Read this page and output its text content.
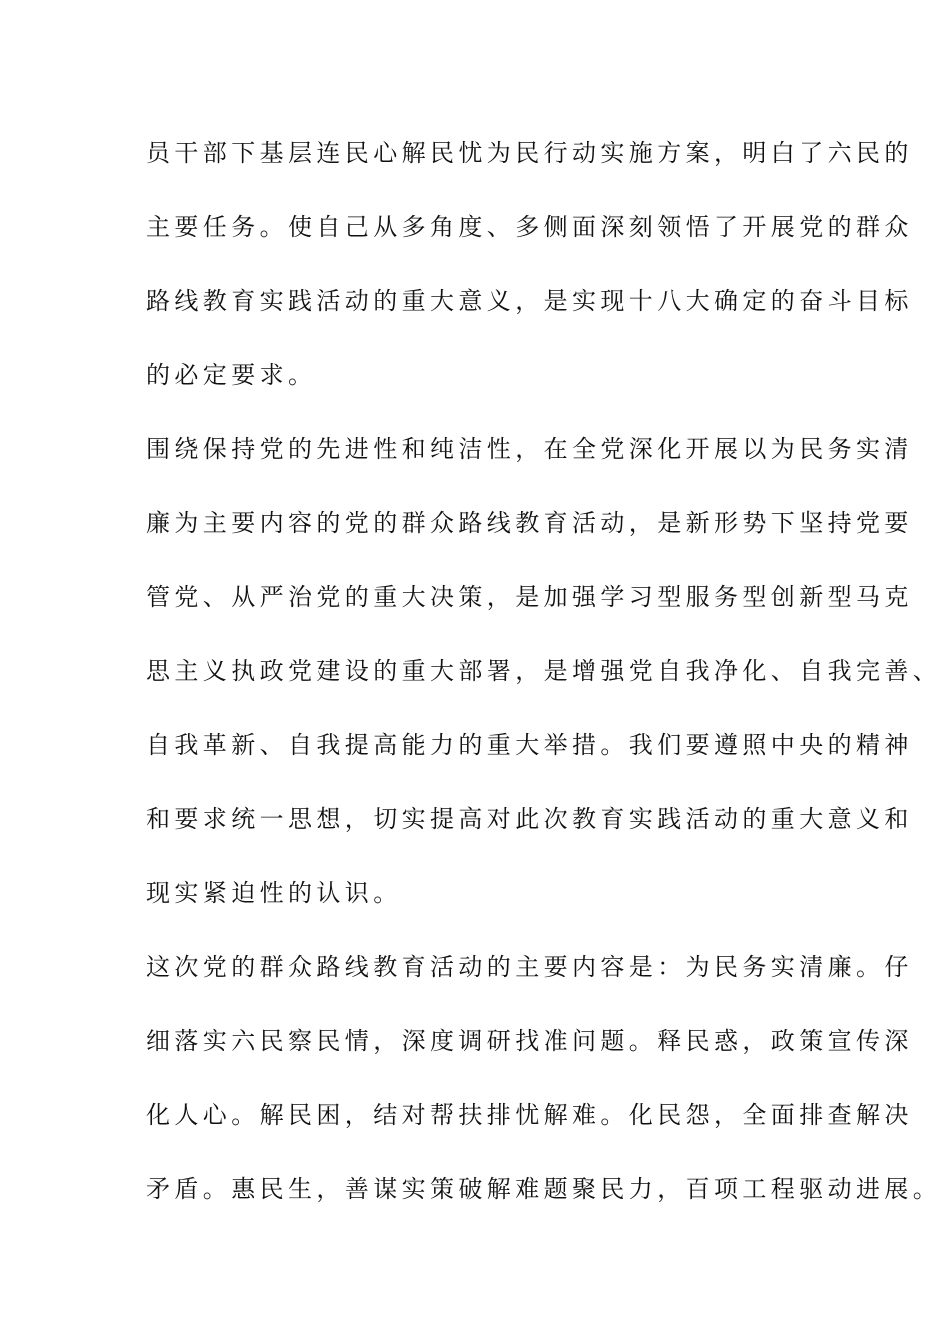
员干部下基层连民心解民忧为民行动实施方案，明白了六民的
主要任务。使自己从多角度、多侧面深刻领悟了开展党的群众
路线教育实践活动的重大意义，是实现十八大确定的奋斗目标
的必定要求。
围绕保持党的先进性和纯洁性，在全党深化开展以为民务实清
廉为主要内容的党的群众路线教育活动，是新形势下坚持党要
管党、从严治党的重大决策，是加强学习型服务型创新型马克
思主义执政党建设的重大部署，是增强党自我净化、自我完善、
自我革新、自我提高能力的重大举措。我们要遵照中央的精神
和要求统一思想，切实提高对此次教育实践活动的重大意义和
现实紧迫性的认识。
这次党的群众路线教育活动的主要内容是：为民务实清廉。仔
细落实六民察民情，深度调研找准问题。释民惑，政策宣传深
化人心。解民困，结对帮扶排忧解难。化民怨，全面排查解决
矛盾。惠民生，善谋实策破解难题聚民力，百项工程驱动进展。
